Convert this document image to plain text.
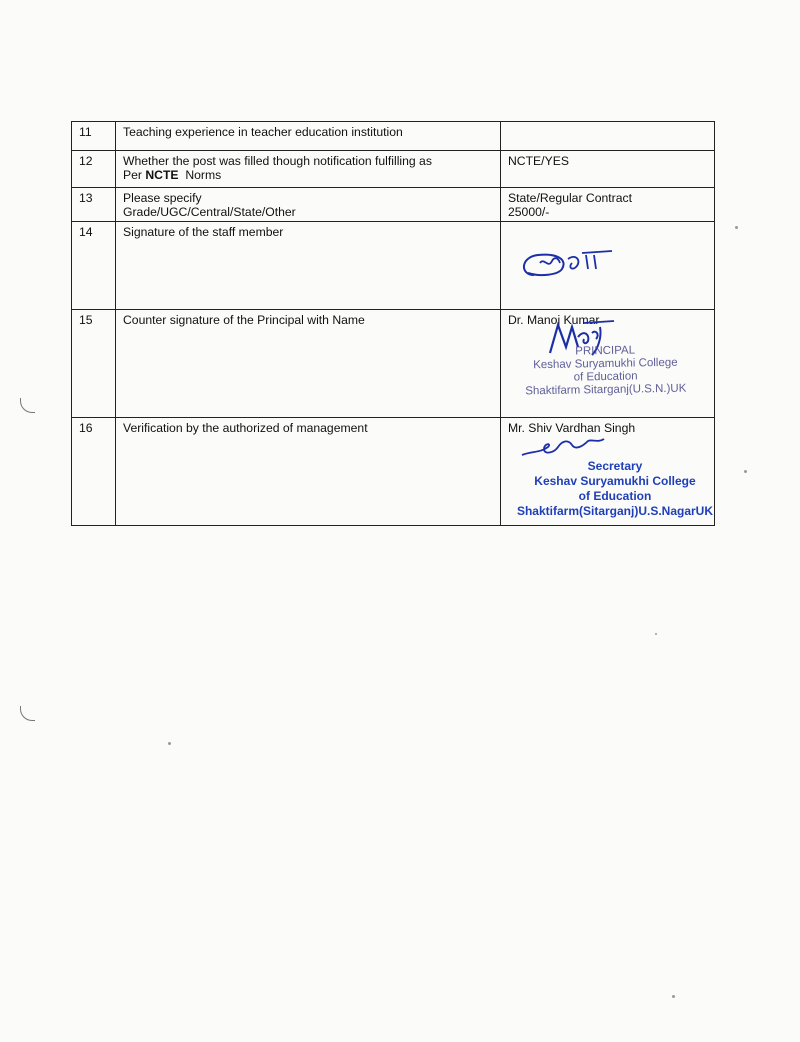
11	Teaching experience in teacher education institution	
12	Whether the post was filled though notification fulfilling as
Per NCTE  Norms	NCTE/YES

13	Please specify
Grade/UGC/Central/State/Other	State/Regular Contract
25000/-

14	Signature of the staff member	

15	Counter signature of the Principal with Name	Dr. Manoj Kumar
PRINCIPAL
Keshav Suryamukhi College
of Education
Shaktifarm Sitarganj(U.S.N.)UK

16	Verification by the authorized of management	Mr. Shiv Vardhan Singh
Secretary
Keshav Suryamukhi College
of Education
Shaktifarm(Sitarganj)U.S.NagarUK
